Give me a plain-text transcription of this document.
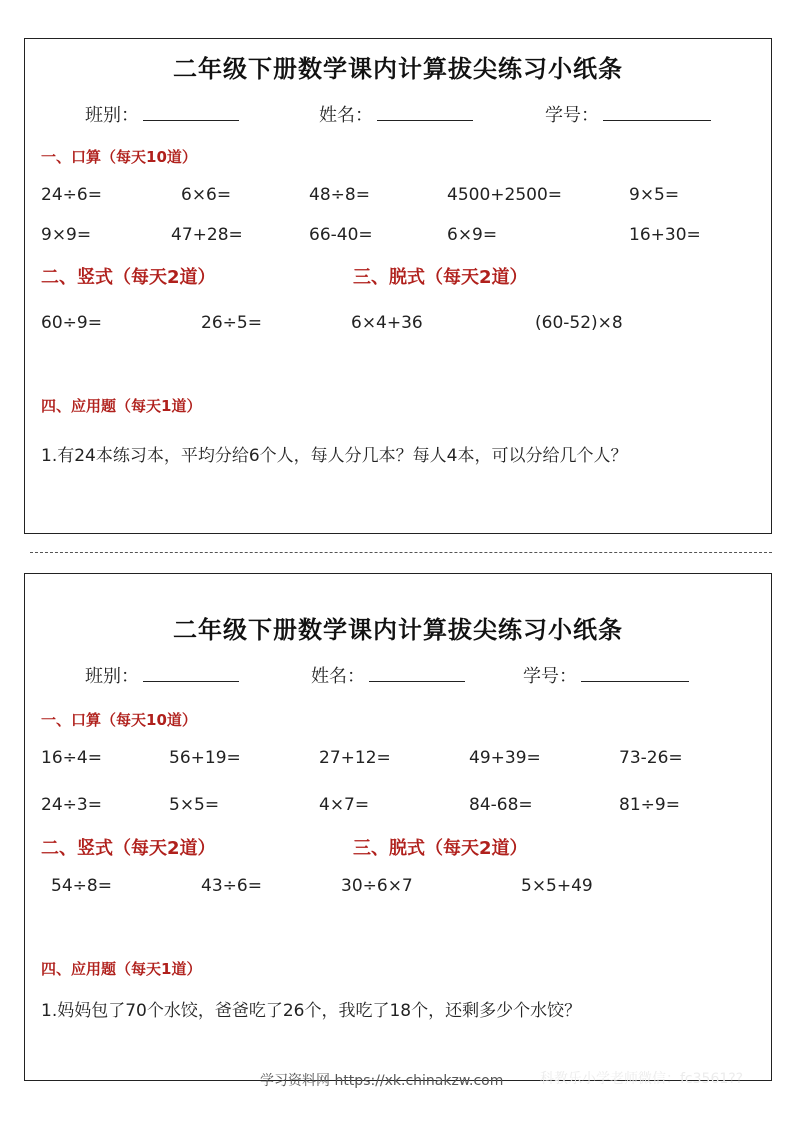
二年级下册数学课内计算拔尖练习小纸条
班别：	姓名：	学号：
一、口算（每天10道）
24÷6=	6×6=	48÷8=	4500+2500=	9×5=
9×9=	47+28=	66-40=	6×9=	16+30=
二、竖式（每天2道）	三、脱式（每天2道）
60÷9=	26÷5=	6×4+36	(60-52)×8
四、应用题（每天1道）
1.有24本练习本，平均分给6个人，每人分几本？每人4本，可以分给几个人？
二年级下册数学课内计算拔尖练习小纸条
班别：	姓名：	学号：
一、口算（每天10道）
16÷4=	56+19=	27+12=	49+39=	73-26=
24÷3=	5×5=	4×7=	84-68=	81÷9=
二、竖式（每天2道）	三、脱式（每天2道）
54÷8=	43÷6=	30÷6×7	5×5+49
四、应用题（每天1道）
1.妈妈包了70个水饺，爸爸吃了26个，我吃了18个，还剩多少个水饺？
科教乐小学老师微信：fc3561??
学习资料网 https://xk.chinakzw.com
